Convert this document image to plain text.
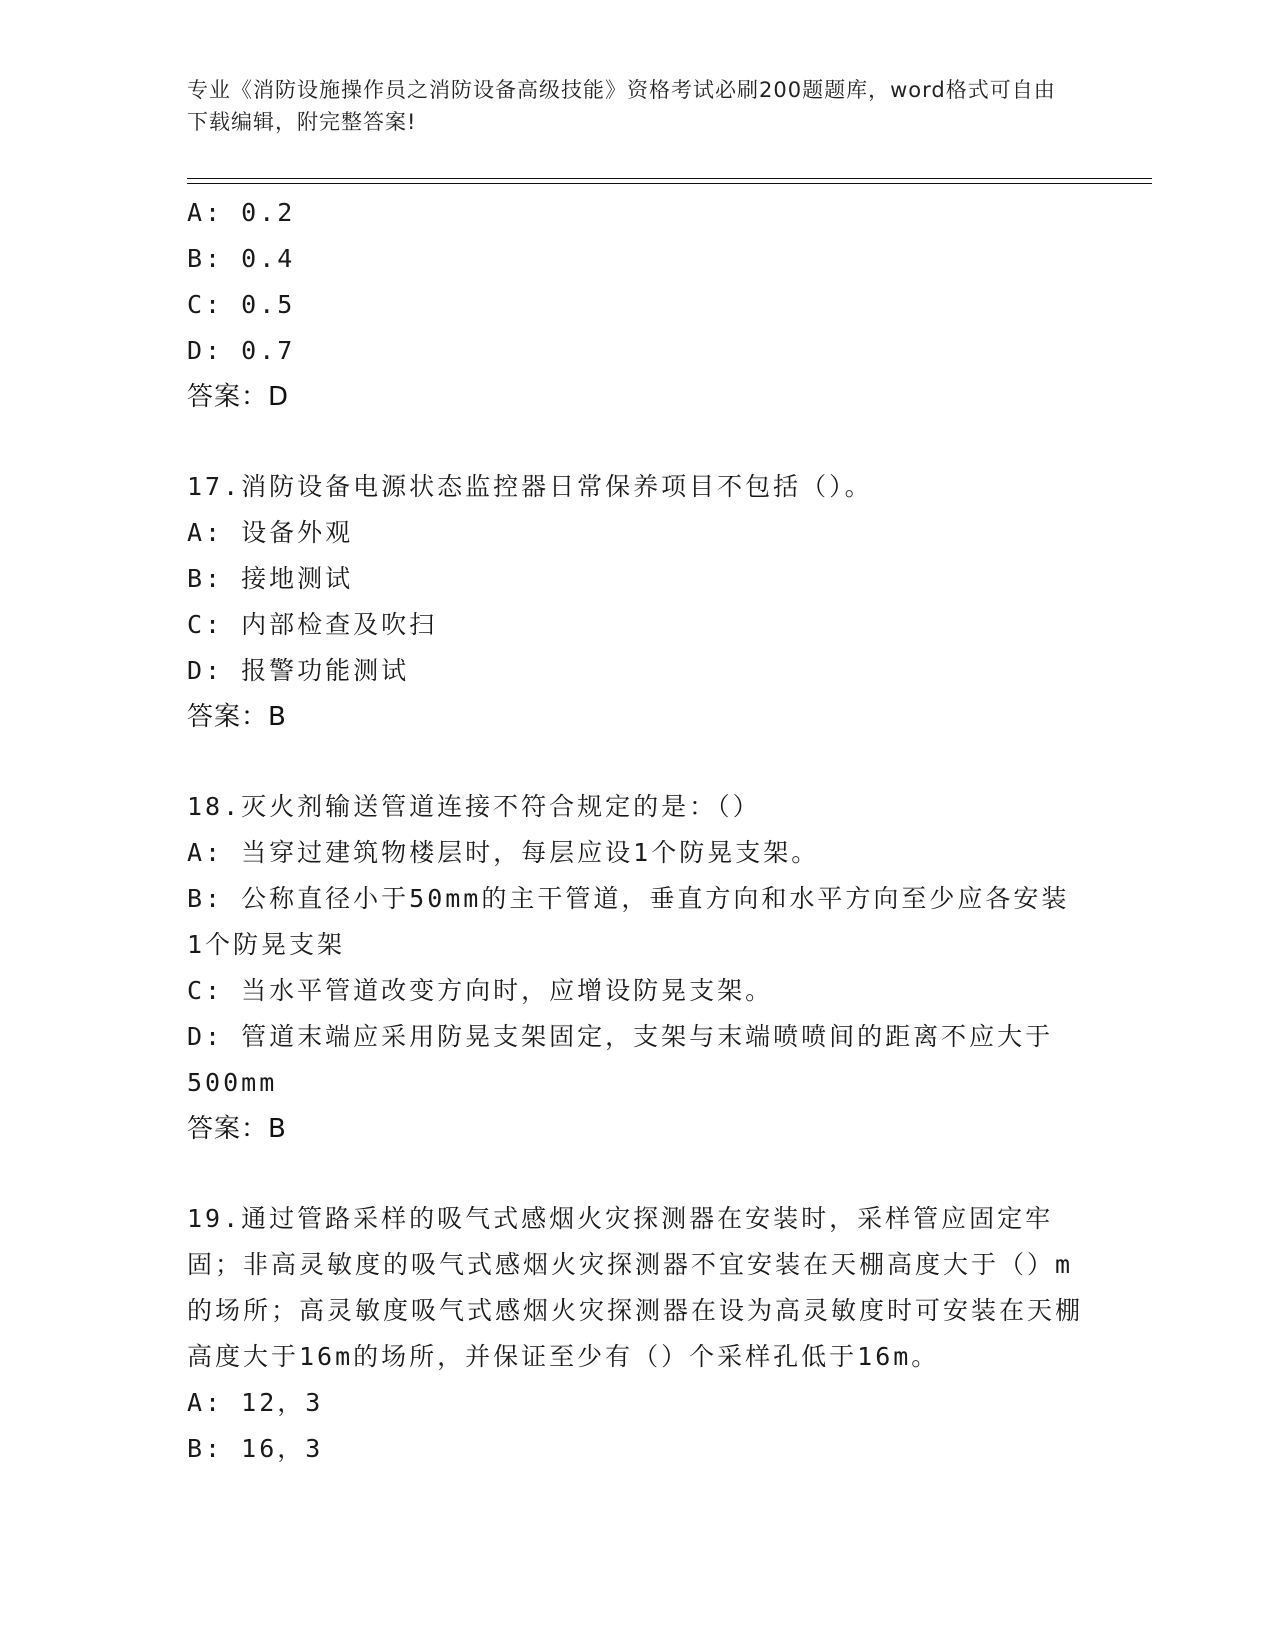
专业《消防设施操作员之消防设备高级技能》资格考试必刷200题题库，word格式可自由下载编辑，附完整答案!
A: 0.2
B: 0.4
C: 0.5
D: 0.7
答案：D
17.消防设备电源状态监控器日常保养项目不包括（）。
A: 设备外观
B: 接地测试
C: 内部检查及吹扫
D: 报警功能测试
答案：B
18.灭火剂输送管道连接不符合规定的是：（）
A: 当穿过建筑物楼层时，每层应设1个防晃支架。
B: 公称直径小于50mm的主干管道，垂直方向和水平方向至少应各安装1个防晃支架
C: 当水平管道改变方向时，应增设防晃支架。
D: 管道末端应采用防晃支架固定，支架与末端喷喷间的距离不应大于500mm
答案：B
19.通过管路采样的吸气式感烟火灾探测器在安装时，采样管应固定牢固；非高灵敏度的吸气式感烟火灾探测器不宜安装在天棚高度大于（）m的场所；高灵敏度吸气式感烟火灾探测器在设为高灵敏度时可安装在天棚高度大于16m的场所，并保证至少有（）个采样孔低于16m。
A: 12，3
B: 16，3
